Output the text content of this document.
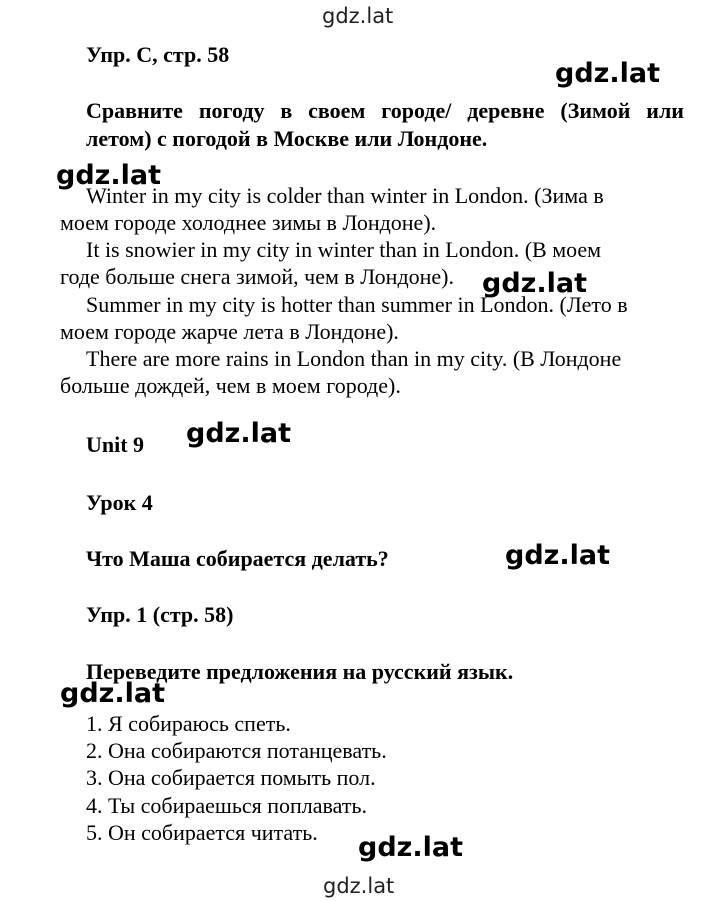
gdz.lat
gdz.lat
gdz.lat
gdz.lat
gdz.lat
gdz.lat
gdz.lat
gdz.lat
gdz.lat
Упр. C, стр. 58
Сравните погоду в своем городе/ деревне (Зимой или
летом) с погодой в Москве или Лондоне.
Winter in my city is colder than winter in London. (Зима в
моем городе холоднее зимы в Лондоне).
It is snowier in my city in winter than in London. (В моем
годе больше снега зимой, чем в Лондоне).
Summer in my city is hotter than summer in London. (Лето в
моем городе жарче лета в Лондоне).
There are more rains in London than in my city. (В Лондоне
больше дождей, чем в моем городе).
Unit 9
Урок 4
Что Маша собирается делать?
Упр. 1 (стр. 58)
Переведите предложения на русский язык.
1. Я собираюсь спеть.
2. Она собираются потанцевать.
3. Она собирается помыть пол.
4. Ты собираешься поплавать.
5. Он собирается читать.
